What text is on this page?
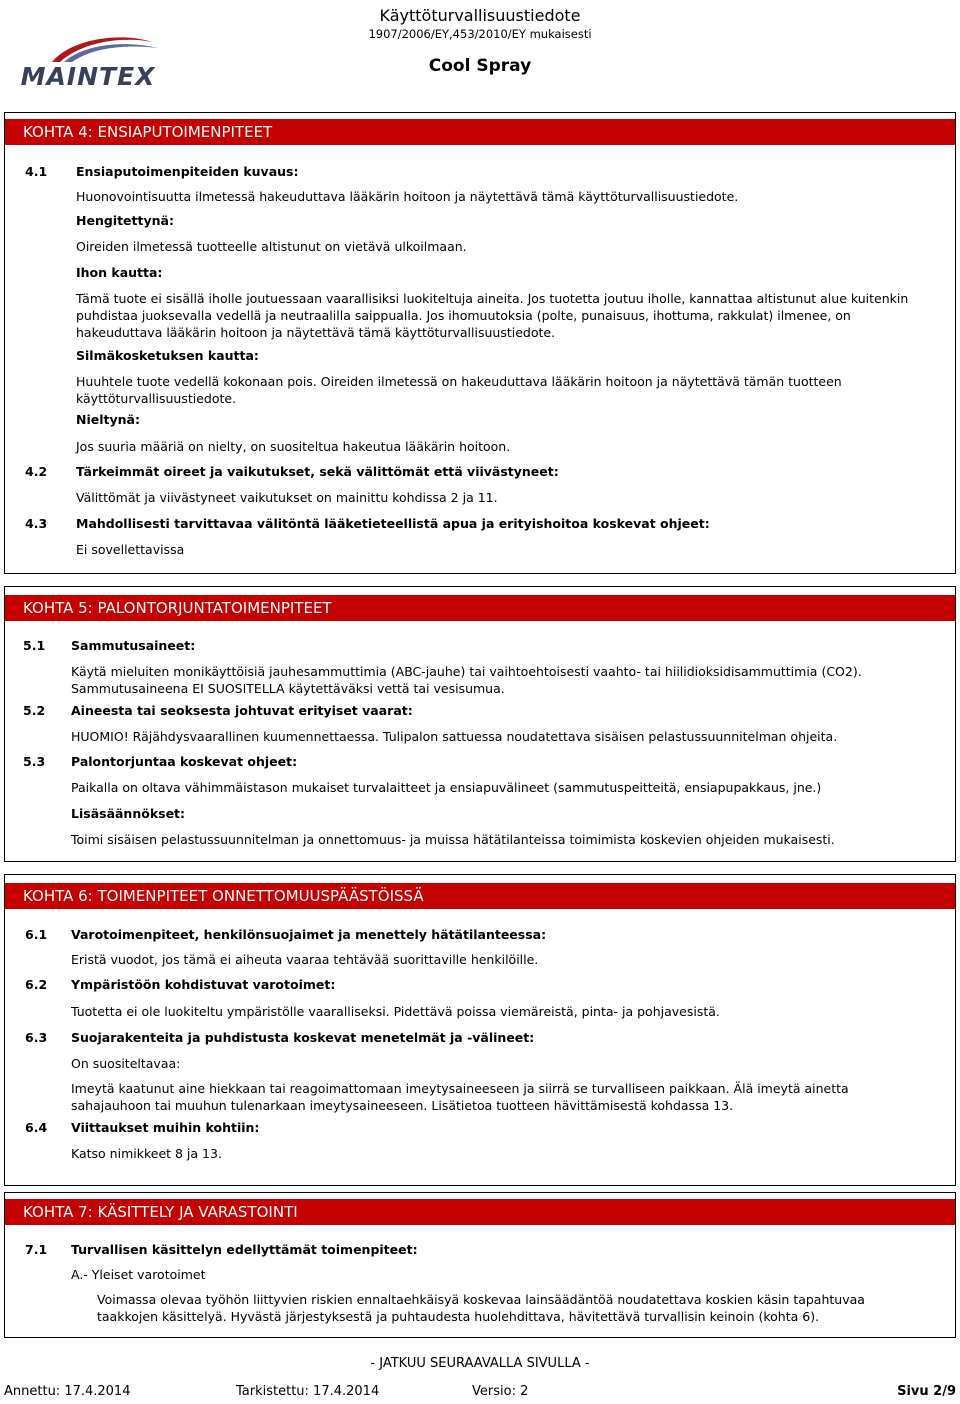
Käyttöturvallisuustiedote
1907/2006/EY,453/2010/EY mukaisesti
Cool Spray
MAINTEX
KOHTA 4: ENSIAPUTOIMENPITEET
4.1 Ensiaputoimenpiteiden kuvaus:
Huonovointisuutta ilmetessä hakeuduttava lääkärin hoitoon ja näytettävä tämä käyttöturvallisuustiedote.
Hengitettynä:
Oireiden ilmetessä tuotteelle altistunut on vietävä ulkoilmaan.
Ihon kautta:
Tämä tuote ei sisällä iholle joutuessaan vaarallisiksi luokiteltuja aineita. Jos tuotetta joutuu iholle, kannattaa altistunut alue kuitenkin
puhdistaa juoksevalla vedellä ja neutraalilla saippualla. Jos ihomuutoksia (polte, punaisuus, ihottuma, rakkulat) ilmenee, on
hakeuduttava lääkärin hoitoon ja näytettävä tämä käyttöturvallisuustiedote.
Silmäkosketuksen kautta:
Huuhtele tuote vedellä kokonaan pois. Oireiden ilmetessä on hakeuduttava lääkärin hoitoon ja näytettävä tämän tuotteen
käyttöturvallisuustiedote.
Nieltynä:
Jos suuria määriä on nielty, on suositeltua hakeutua lääkärin hoitoon.
4.2 Tärkeimmät oireet ja vaikutukset, sekä välittömät että viivästyneet:
Välittömät ja viivästyneet vaikutukset on mainittu kohdissa 2 ja 11.
4.3 Mahdollisesti tarvittavaa välitöntä lääketieteellistä apua ja erityishoitoa koskevat ohjeet:
Ei sovellettavissa
KOHTA 5: PALONTORJUNTATOIMENPITEET
5.1 Sammutusaineet:
Käytä mieluiten monikäyttöisiä jauhesammuttimia (ABC-jauhe) tai vaihtoehtoisesti vaahto- tai hiilidioksidisammuttimia (CO2).
Sammutusaineena EI SUOSITELLA käytettäväksi vettä tai vesisumua.
5.2 Aineesta tai seoksesta johtuvat erityiset vaarat:
HUOMIO! Räjähdysvaarallinen kuumennettaessa. Tulipalon sattuessa noudatettava sisäisen pelastussuunnitelman ohjeita.
5.3 Palontorjuntaa koskevat ohjeet:
Paikalla on oltava vähimmäistason mukaiset turvalaitteet ja ensiapuvälineet (sammutuspeitteitä, ensiapupakkaus, jne.)
Lisäsäännökset:
Toimi sisäisen pelastussuunnitelman ja onnettomuus- ja muissa hätätilanteissa toimimista koskevien ohjeiden mukaisesti.
KOHTA 6: TOIMENPITEET ONNETTOMUUSPÄÄSTÖISSÄ
6.1 Varotoimenpiteet, henkilönsuojaimet ja menettely hätätilanteessa:
Eristä vuodot, jos tämä ei aiheuta vaaraa tehtävää suorittaville henkilöille.
6.2 Ympäristöön kohdistuvat varotoimet:
Tuotetta ei ole luokiteltu ympäristölle vaaralliseksi. Pidettävä poissa viemäreistä, pinta- ja pohjavesistä.
6.3 Suojarakenteita ja puhdistusta koskevat menetelmät ja -välineet:
On suositeltavaa:
Imeytä kaatunut aine hiekkaan tai reagoimattomaan imeytysaineeseen ja siirrä se turvalliseen paikkaan. Älä imeytä ainetta
sahajauhoon tai muuhun tulenarkaan imeytysaineeseen. Lisätietoa tuotteen hävittämisestä kohdassa 13.
6.4 Viittaukset muihin kohtiin:
Katso nimikkeet 8 ja 13.
KOHTA 7: KÄSITTELY JA VARASTOINTI
7.1 Turvallisen käsittelyn edellyttämät toimenpiteet:
A.- Yleiset varotoimet
Voimassa olevaa työhön liittyvien riskien ennaltaehkäisyä koskevaa lainsäädäntöä noudatettava koskien käsin tapahtuvaa
taakkojen käsittelyä. Hyvästä järjestyksestä ja puhtaudesta huolehdittava, hävitettävä turvallisin keinoin (kohta 6).
- JATKUU SEURAAVALLA SIVULLA -
Annettu: 17.4.2014	Tarkistettu: 17.4.2014	Versio: 2	Sivu 2/9
